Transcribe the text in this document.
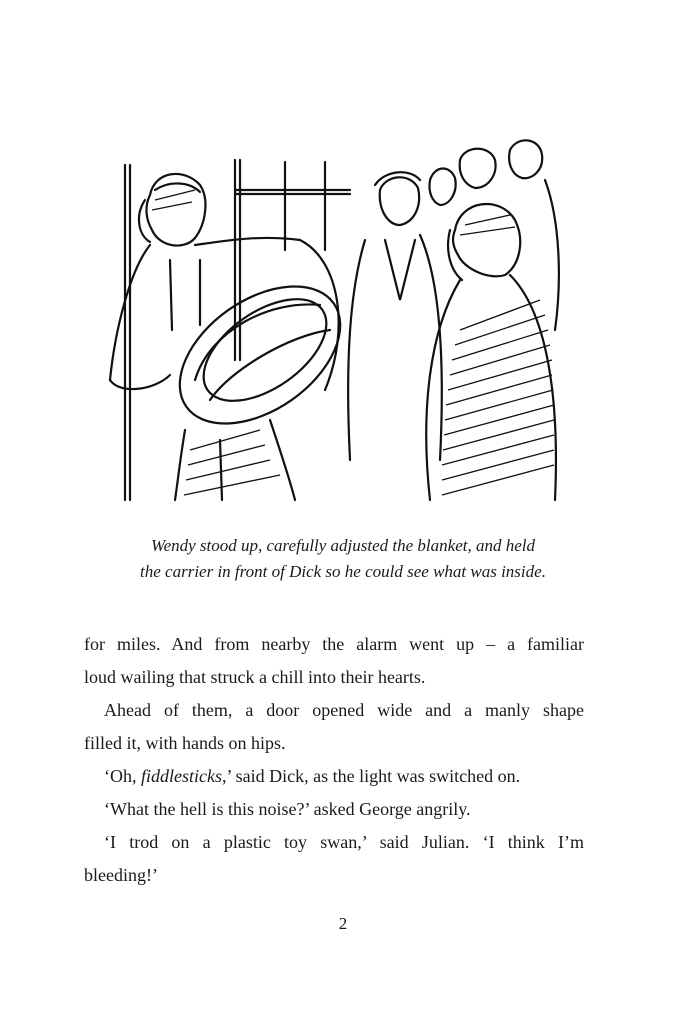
Wendy stood up, carefully adjusted the blanket, and held
the carrier in front of Dick so he could see what was inside.
for miles. And from nearby the alarm went up – a familiar
loud wailing that struck a chill into their hearts.
Ahead of them, a door opened wide and a manly shape
filled it, with hands on hips.
‘Oh, fiddlesticks,’ said Dick, as the light was switched on.
‘What the hell is this noise?’ asked George angrily.
‘I trod on a plastic toy swan,’ said Julian. ‘I think I’m
bleeding!’
2
